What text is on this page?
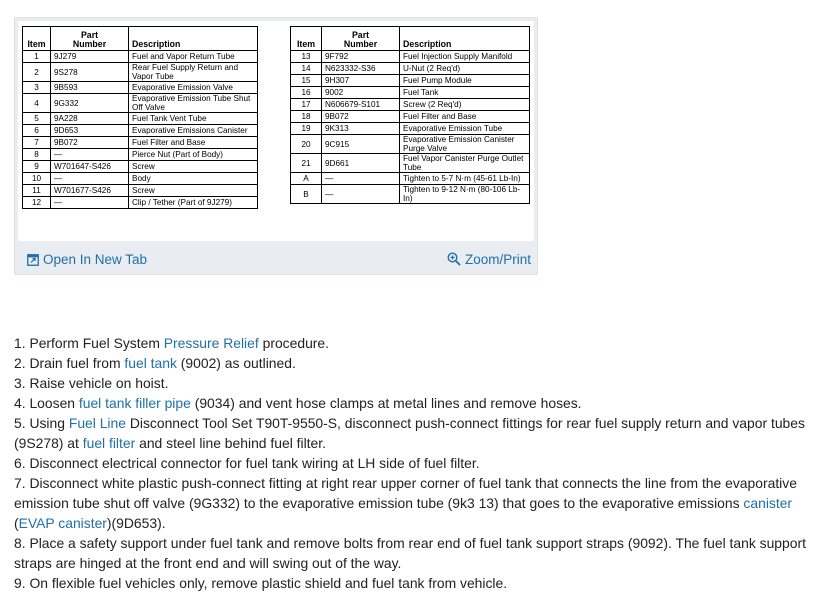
Item	Part
Number	Description
1	9J279	Fuel and Vapor Return Tube
2	9S278	Rear Fuel Supply Return and Vapor Tube
3	9B593	Evaporative Emission Valve
4	9G332	Evaporative Emission Tube Shut Off Valve
5	9A228	Fuel Tank Vent Tube
6	9D653	Evaporative Emissions Canister
7	9B072	Fuel Filter and Base
8	—	Pierce Nut (Part of Body)
9	W701647-S426	Screw
10	—	Body
11	W701677-S426	Screw
12	—	Clip / Tether (Part of 9J279)
Item	Part
Number	Description
13	9F792	Fuel Injection Supply Manifold
14	N623332-S36	U-Nut (2 Req'd)
15	9H307	Fuel Pump Module
16	9002	Fuel Tank
17	N606679-S101	Screw (2 Req'd)
18	9B072	Fuel Filter and Base
19	9K313	Evaporative Emission Tube
20	9C915	Evaporative Emission Canister Purge Valve
21	9D661	Fuel Vapor Canister Purge Outlet Tube
A	—	Tighten to 5-7 N·m (45-61 Lb-In)
B	—	Tighten to 9-12 N·m (80-106 Lb-In)
Open In New Tab	Zoom/Print
1. Perform Fuel System Pressure Relief procedure.
2. Drain fuel from fuel tank (9002) as outlined.
3. Raise vehicle on hoist.
4. Loosen fuel tank filler pipe (9034) and vent hose clamps at metal lines and remove hoses.
5. Using Fuel Line Disconnect Tool Set T90T-9550-S, disconnect push-connect fittings for rear fuel supply return and vapor tubes (9S278) at fuel filter and steel line behind fuel filter.
6. Disconnect electrical connector for fuel tank wiring at LH side of fuel filter.
7. Disconnect white plastic push-connect fitting at right rear upper corner of fuel tank that connects the line from the evaporative emission tube shut off valve (9G332) to the evaporative emission tube (9k3 13) that goes to the evaporative emissions canister (EVAP canister)(9D653).
8. Place a safety support under fuel tank and remove bolts from rear end of fuel tank support straps (9092). The fuel tank support straps are hinged at the front end and will swing out of the way.
9. On flexible fuel vehicles only, remove plastic shield and fuel tank from vehicle.
